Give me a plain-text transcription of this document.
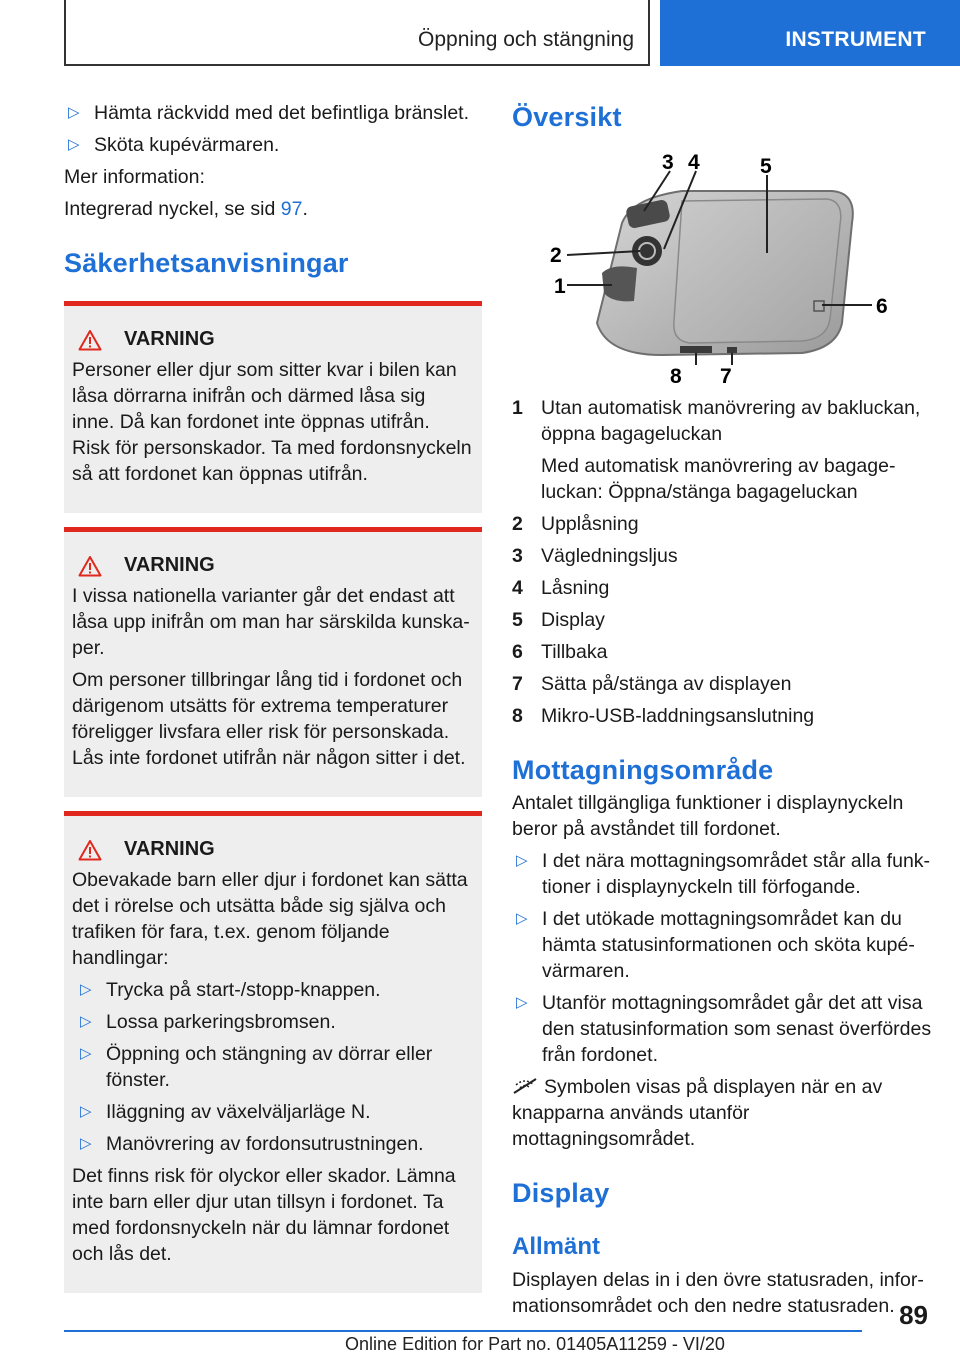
Öppning och stängning	INSTRUMENT
▷ Hämta räckvidd med det befintliga bränslet.
▷ Sköta kupévärmaren.

Mer information:

Integrerad nyckel, se sid 97.

Säkerhetsanvisningar
VARNING

Personer eller djur som sitter kvar i bilen kan låsa dörrarna inifrån och därmed låsa sig inne. Då kan fordonet inte öppnas utifrån. Risk för personskador. Ta med fordonsnyckeln så att fordonet kan öppnas utifrån.

VARNING

I vissa nationella varianter går det endast att låsa upp inifrån om man har särskilda kunskaper.

Om personer tillbringar lång tid i fordonet och därigenom utsätts för extrema temperaturer föreligger livsfara eller risk för personskada. Lås inte fordonet utifrån när någon sitter i det.

VARNING

Obevakade barn eller djur i fordonet kan sätta det i rörelse och utsätta både sig själva och trafiken för fara, t.ex. genom följande handlingar:

▷ Trycka på start-/stopp-knappen.
▷ Lossa parkeringsbromsen.
▷ Öppning och stängning av dörrar eller fönster.
▷ Iläggning av växelväljarläge N.
▷ Manövrering av fordonsutrustningen.

Det finns risk för olyckor eller skador. Lämna inte barn eller djur utan tillsyn i fordonet. Ta med fordonsnyckeln när du lämnar fordonet och lås det.

Översikt
1
2
3 4	5
6
7
8
1 Utan automatisk manövrering av bakluckan, öppna bagageluckan

Med automatisk manövrering av bagageluckan: Öppna/stänga bagageluckan

2 Upplåsning

3 Vägledningsljus

4 Låsning

5 Display

6 Tillbaka

7 Sätta på/stänga av displayen

8 Mikro-USB-laddningsanslutning

Mottagningsområde

Antalet tillgängliga funktioner i displaynyckeln beror på avståndet till fordonet.

▷ I det nära mottagningsområdet står alla funktioner i displaynyckeln till förfogande.
▷ I det utökade mottagningsområdet kan du hämta statusinformationen och sköta kupévärmaren.
▷ Utanför mottagningsområdet går det att visa den statusinformation som senast överfördes från fordonet.

Symbolen visas på displayen när en av knapparna används utanför mottagningsområdet.

Display
Allmänt

Displayen delas in i den övre statusraden, informationsområdet och den nedre statusraden. 89
Online Edition for Part no. 01405A11259 - VI/20
